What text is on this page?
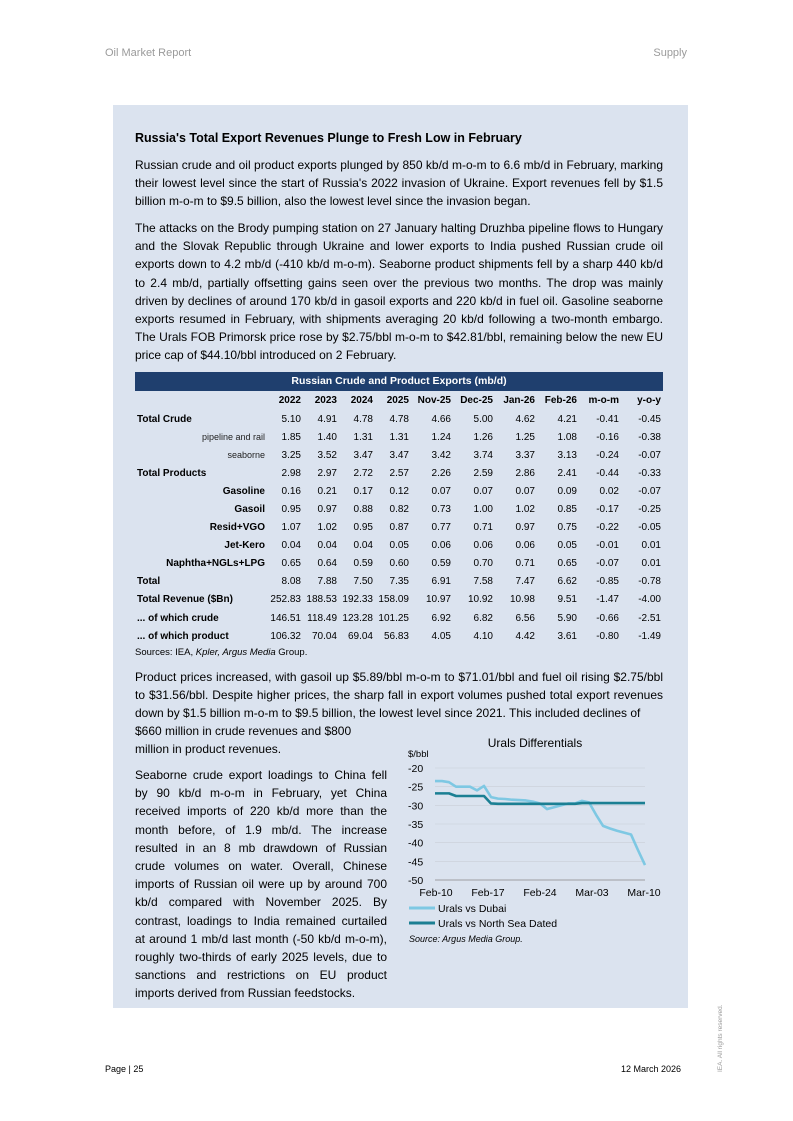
Oil Market Report	Supply
Russia's Total Export Revenues Plunge to Fresh Low in February
Russian crude and oil product exports plunged by 850 kb/d m-o-m to 6.6 mb/d in February, marking their lowest level since the start of Russia's 2022 invasion of Ukraine. Export revenues fell by $1.5 billion m-o-m to $9.5 billion, also the lowest level since the invasion began.
The attacks on the Brody pumping station on 27 January halting Druzhba pipeline flows to Hungary and the Slovak Republic through Ukraine and lower exports to India pushed Russian crude oil exports down to 4.2 mb/d (-410 kb/d m-o-m). Seaborne product shipments fell by a sharp 440 kb/d to 2.4 mb/d, partially offsetting gains seen over the previous two months. The drop was mainly driven by declines of around 170 kb/d in gasoil exports and 220 kb/d in fuel oil. Gasoline seaborne exports resumed in February, with shipments averaging 20 kb/d following a two-month embargo. The Urals FOB Primorsk price rose by $2.75/bbl m-o-m to $42.81/bbl, remaining below the new EU price cap of $44.10/bbl introduced on 2 February.
Russian Crude and Product Exports (mb/d)
	2022	2023	2024	2025	Nov-25	Dec-25	Jan-26	Feb-26	m-o-m	y-o-y
Total Crude	5.10	4.91	4.78	4.78	4.66	5.00	4.62	4.21	-0.41	-0.45
pipeline and rail	1.85	1.40	1.31	1.31	1.24	1.26	1.25	1.08	-0.16	-0.38
seaborne	3.25	3.52	3.47	3.47	3.42	3.74	3.37	3.13	-0.24	-0.07
Total Products	2.98	2.97	2.72	2.57	2.26	2.59	2.86	2.41	-0.44	-0.33
Gasoline	0.16	0.21	0.17	0.12	0.07	0.07	0.07	0.09	0.02	-0.07
Gasoil	0.95	0.97	0.88	0.82	0.73	1.00	1.02	0.85	-0.17	-0.25
Resid+VGO	1.07	1.02	0.95	0.87	0.77	0.71	0.97	0.75	-0.22	-0.05
Jet-Kero	0.04	0.04	0.04	0.05	0.06	0.06	0.06	0.05	-0.01	0.01
Naphtha+NGLs+LPG	0.65	0.64	0.59	0.60	0.59	0.70	0.71	0.65	-0.07	0.01
Total	8.08	7.88	7.50	7.35	6.91	7.58	7.47	6.62	-0.85	-0.78
Total Revenue ($Bn)	252.83	188.53	192.33	158.09	10.97	10.92	10.98	9.51	-1.47	-4.00
... of which crude	146.51	118.49	123.28	101.25	6.92	6.82	6.56	5.90	-0.66	-2.51
... of which product	106.32	70.04	69.04	56.83	4.05	4.10	4.42	3.61	-0.80	-1.49
Sources: IEA, Kpler, Argus Media Group.
Product prices increased, with gasoil up $5.89/bbl m-o-m to $71.01/bbl and fuel oil rising $2.75/bbl to $31.56/bbl. Despite higher prices, the sharp fall in export volumes pushed total export revenues down by $1.5 billion m-o-m to $9.5 billion, the lowest level since 2021. This included declines of
$660 million in crude revenues and $800 million in product revenues.
Seaborne crude export loadings to China fell by 90 kb/d m-o-m in February, yet China received imports of 220 kb/d more than the month before, of 1.9 mb/d. The increase resulted in an 8 mb drawdown of Russian crude volumes on water. Overall, Chinese imports of Russian oil were up by around 700 kb/d compared with November 2025. By contrast, loadings to India remained curtailed at around 1 mb/d last month (-50 kb/d m-o-m), roughly two-thirds of early 2025 levels, due to sanctions and restrictions on EU product imports derived from Russian feedstocks.
Urals Differentials
$/bbl
-20
-25
-30
-35
-40
-45
-50
Feb-10 Feb-17 Feb-24 Mar-03 Mar-10
Urals vs Dubai
Urals vs North Sea Dated
Source: Argus Media Group.
Page | 25	12 March 2026	IEA. All rights reserved.
